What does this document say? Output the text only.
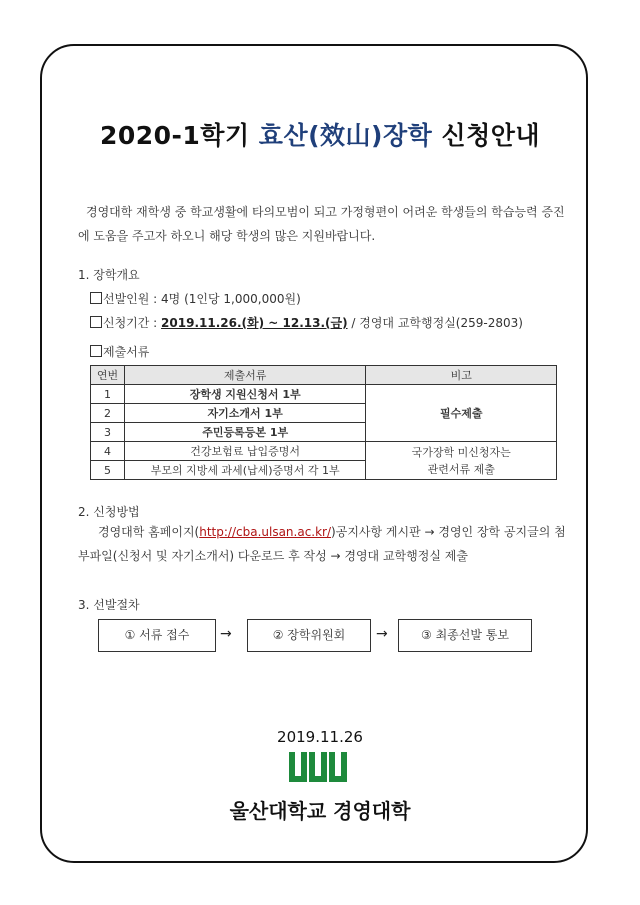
2020-1학기 효산(效山)장학 신청안내
경영대학 재학생 중 학교생활에 타의모범이 되고 가정형편이 어려운 학생들의 학습능력 증진에 도움을 주고자 하오니 해당 학생의 많은 지원바랍니다.
1. 장학개요
선발인원 : 4명 (1인당 1,000,000원)
신청기간 : 2019.11.26.(화) ~ 12.13.(금) / 경영대 교학행정실(259-2803)
제출서류
연번	제출서류	비고
1	장학생 지원신청서 1부	필수제출
2	자기소개서 1부	
3	주민등록등본 1부	
4	건강보험료 납입증명서	국가장학 미신청자는
관련서류 제출
5	부모의 지방세 과세(납세)증명서 각 1부	
2. 신청방법
경영대학 홈페이지(http://cba.ulsan.ac.kr/)공지사항 게시판 → 경영인 장학 공지글의 첨부파일(신청서 및 자기소개서) 다운로드 후 작성 → 경영대 교학행정실 제출
3. 선발절차
① 서류 접수	→	② 장학위원회	→	③ 최종선발 통보
2019.11.26
울산대학교 경영대학
